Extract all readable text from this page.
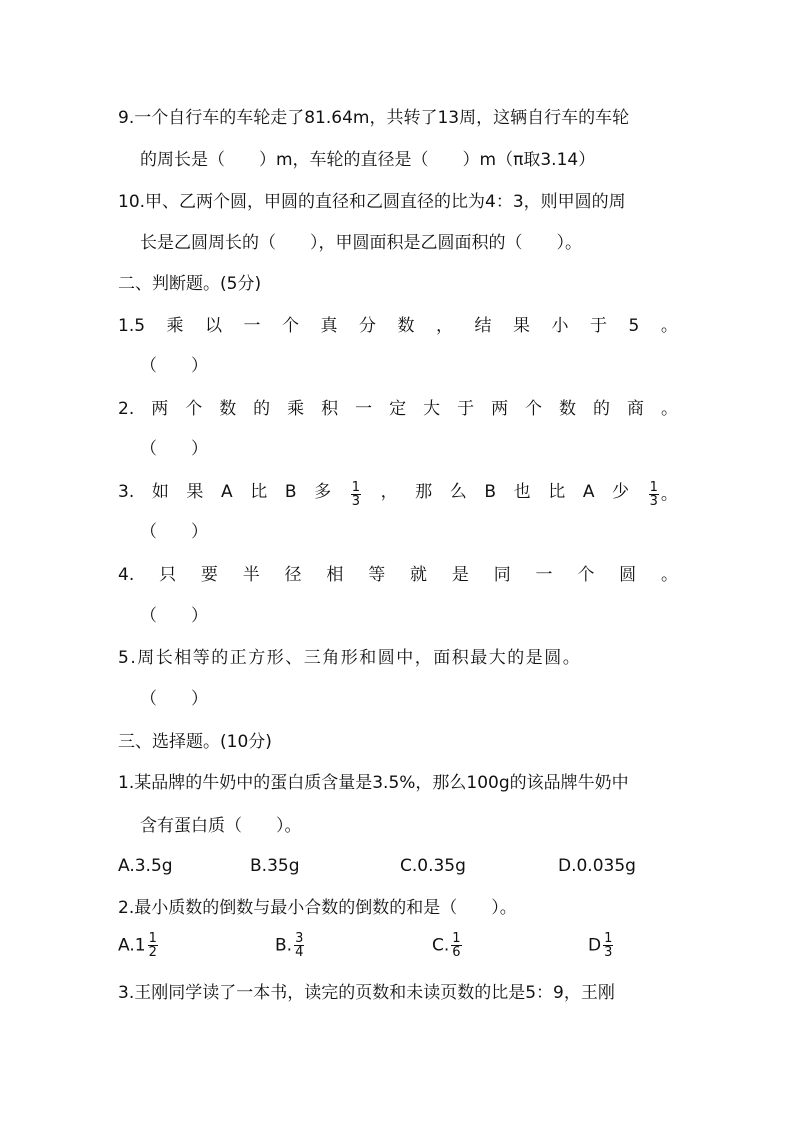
9.一个自行车的车轮走了81.64m，共转了13周，这辆自行车的车轮
的周长是（　　）m，车轮的直径是（　　）m（π取3.14）
10.甲、乙两个圆，甲圆的直径和乙圆直径的比为4：3，则甲圆的周
长是乙圆周长的（　　），甲圆面积是乙圆面积的（　　）。
二、判断题。(5分)
1.5 乘 以 一 个 真 分 数 ， 结 果 小 于 5 。
（　　）
2. 两 个 数 的 乘 积 一 定 大 于 两 个 数 的 商 。
（　　）
3. 如 果 A 比 B 多 $\frac{1}{3}$ ， 那 么 B 也 比 A 少 $\frac{1}{3}$ 。
（　　）
4. 只 要 半 径 相 等 就 是 同 一 个 圆 。
（　　）
5.周长相等的正方形、三角形和圆中，面积最大的是圆。
（　　）
三、选择题。(10分)
1.某品牌的牛奶中的蛋白质含量是3.5%，那么100g的该品牌牛奶中
含有蛋白质（　　）。
A.3.5g	B.35g	C.0.35g	D.0.035g
2.最小质数的倒数与最小合数的倒数的和是（　　）。
$A.1 \frac{1}{2}$	B. $\frac{3}{4}$	C. $\frac{1}{6}$	D $\frac{1}{3}$
3.王刚同学读了一本书，读完的页数和未读页数的比是5：9，王刚
